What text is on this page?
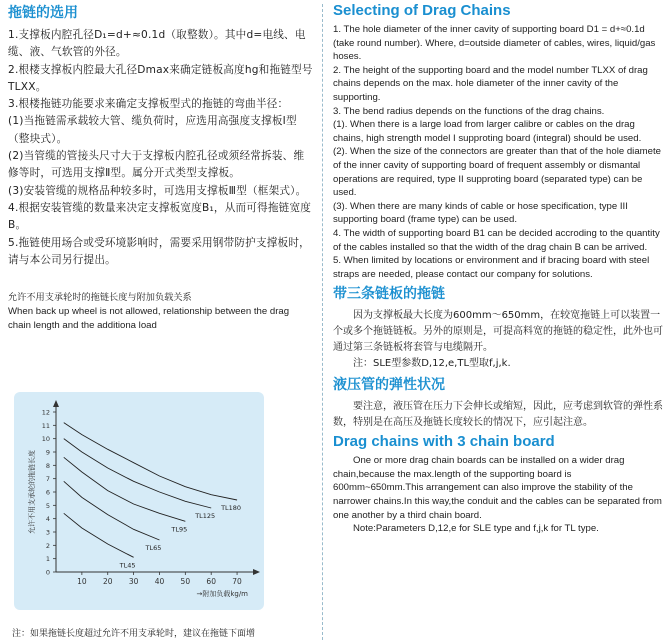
拖链的选用

1.支撑板内腔孔径D₁=d+≈0.1d（取整数）。其中d=电线、电缆、液、气软管的外径。

2.根楼支撑板内腔最大孔径Dmax来确定链板高度hg和拖链型号TLXX。

3.根楼拖链功能要求来确定支撑板型式的拖链的弯曲半径：

(1)当拖链需承载较大管、缆负荷时，应选用高强度支撑板Ⅰ型（整块式）。

(2)当管缆的管接头尺寸大于支撑板内腔孔径或须经常拆装、维修等时，可选用支撑Ⅱ型。属分开式类型支撑板。

(3)安装管缆的规格品种较多时，可选用支撑板Ⅲ型（框架式）。

4.根据安装管缆的数量来决定支撑板宽度B₁，从而可得拖链宽度B。

5.拖链使用场合或受环境影响时，需要采用钢带防护支撑板时，请与本公司另行提出。

允许不用支承轮时的拖链长度与附加负载关系
When back up wheel is not allowed, relationship between the drag chain length and the additiona load
0
1
2
3
4
5
6
7
8
9
10
11
12
10 20 30 40 50 60 70
→附加负载kg/m
允许不用支承轮的拖链长度	TL180
TL125
TL95
TL65
TL45
注：如果拖链长度超过允许不用支承轮时，建议在拖链下面增
Selecting of Drag Chains

1. The hole diameter of the inner cavity of supporting board D1 = d+≈0.1d (take round number). Where, d=outside diameter of cables, wires, liquid/gas hoses.

2. The height of the supporting board and the model number TLXX of drag chains depends on the max. hole diameter of the inner cavity of the supporting.

3. The bend radius depends on the functions of the drag chains.

(1). When there is a large load from larger calibre or cables on the drag chains, high strength model I supproting board (integral) should be used.

(2). When the size of the connectors are greater than that of the hole diamete of the inner cavity of supporting board of frequent assembly or dismantal operations are required, type II supproting board (separated type) can be used.

(3). When there are many kinds of cable or hose specification, type III supporting board (frame type) can be used.

4. The width of supporting board B1 can be decided accroding to the quantity of the cables installed so that the width of the drag chain B can be arrived.

5. When limited by locations or environment and if bracing board with steel straps are needed, please contact our company for solutions.

带三条链板的拖链

因为支撑板最大长度为600mm～650mm，在较宽拖链上可以装置一个或多个拖链链板。另外的原则是，可提高料宽的拖链的稳定性，此外也可通过第三条链板将套管与电缆隔开。

注：SLE型参数D,12,e,TL型取f,j,k.

液压管的弹性状况

要注意，液压管在压力下会伸长或缩短，因此，应考虑到软管的弹性系数，特别是在高压及拖链长度较长的情况下，应引起注意。

Drag chains with 3 chain board

One or more drag chain boards can be installed on a wider drag chain,because the max.length of the supporting board is 600mm~650mm.This arrangement can also improve the stability of the narrower chains.In this way,the conduit and the cables can be separated from one another by a third chain board.

Note:Parameters D,12,e for SLE type and f,j,k for TL type.
